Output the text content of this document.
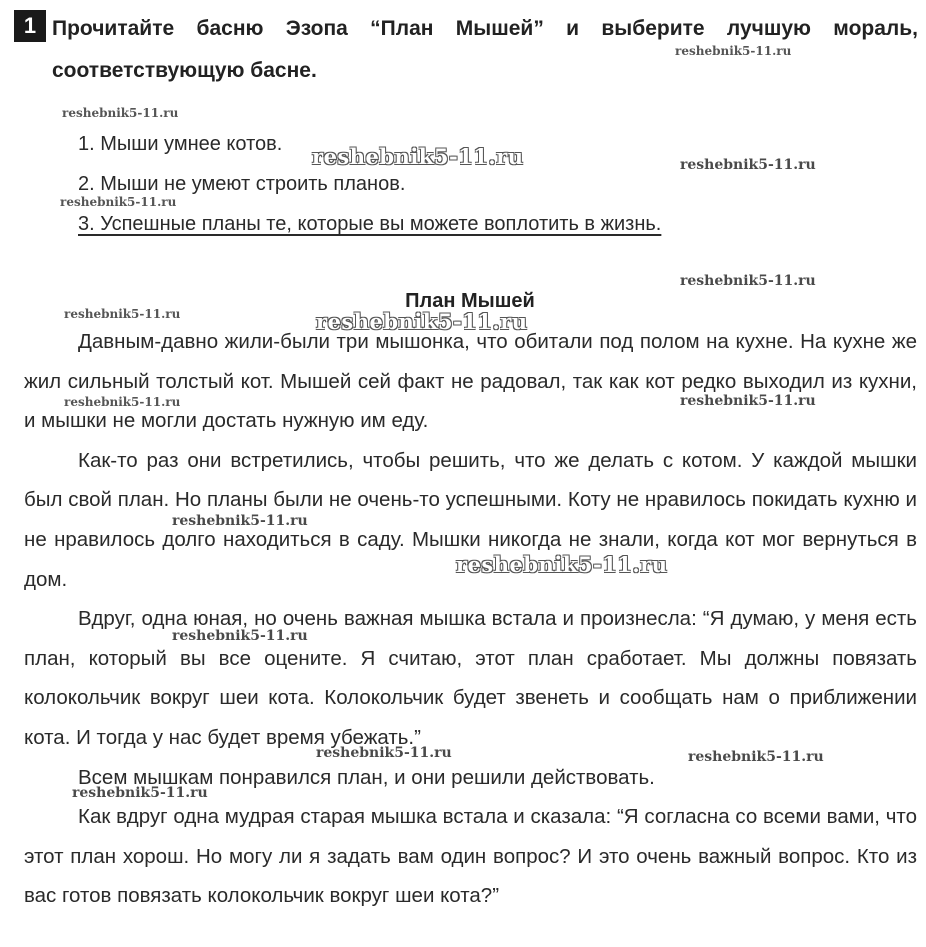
1 Прочитайте басню Эзопа “План Мышей” и выберите лучшую мораль, соответствующую басне.
1. Мыши умнее котов.
2. Мыши не умеют строить планов.
3. Успешные планы те, которые вы можете воплотить в жизнь.
План Мышей

Давным-давно жили-были три мышонка, что обитали под полом на кухне. На кухне же жил сильный толстый кот. Мышей сей факт не радовал, так как кот редко выходил из кухни, и мышки не могли достать нужную им еду.

Как-то раз они встретились, чтобы решить, что же делать с котом. У каждой мышки был свой план. Но планы были не очень-то успешными. Коту не нравилось покидать кухню и не нравилось долго находиться в саду. Мышки никогда не знали, когда кот мог вернуться в дом.

Вдруг, одна юная, но очень важная мышка встала и произнесла: “Я думаю, у меня есть план, который вы все оцените. Я считаю, этот план сработает. Мы должны повязать колокольчик вокруг шеи кота. Колокольчик будет звенеть и сообщать нам о приближении кота. И тогда у нас будет время убежать.”

Всем мышкам понравился план, и они решили действовать.

Как вдруг одна мудрая старая мышка встала и сказала: “Я согласна со всеми вами, что этот план хорош. Но могу ли я задать вам один вопрос? И это очень важный вопрос. Кто из вас готов повязать колокольчик вокруг шеи кота?”

reshebnik5-11.ru
reshebnik5-11.ru
reshebnik5-11.ru	reshebnik5-11.ru
reshebnik5-11.ru
reshebnik5-11.ru
reshebnik5-11.ru	reshebnik5-11.ru
reshebnik5-11.ru	reshebnik5-11.ru
reshebnik5-11.ru
reshebnik5-11.ru
reshebnik5-11.ru
reshebnik5-11.ru	reshebnik5-11.ru
reshebnik5-11.ru
